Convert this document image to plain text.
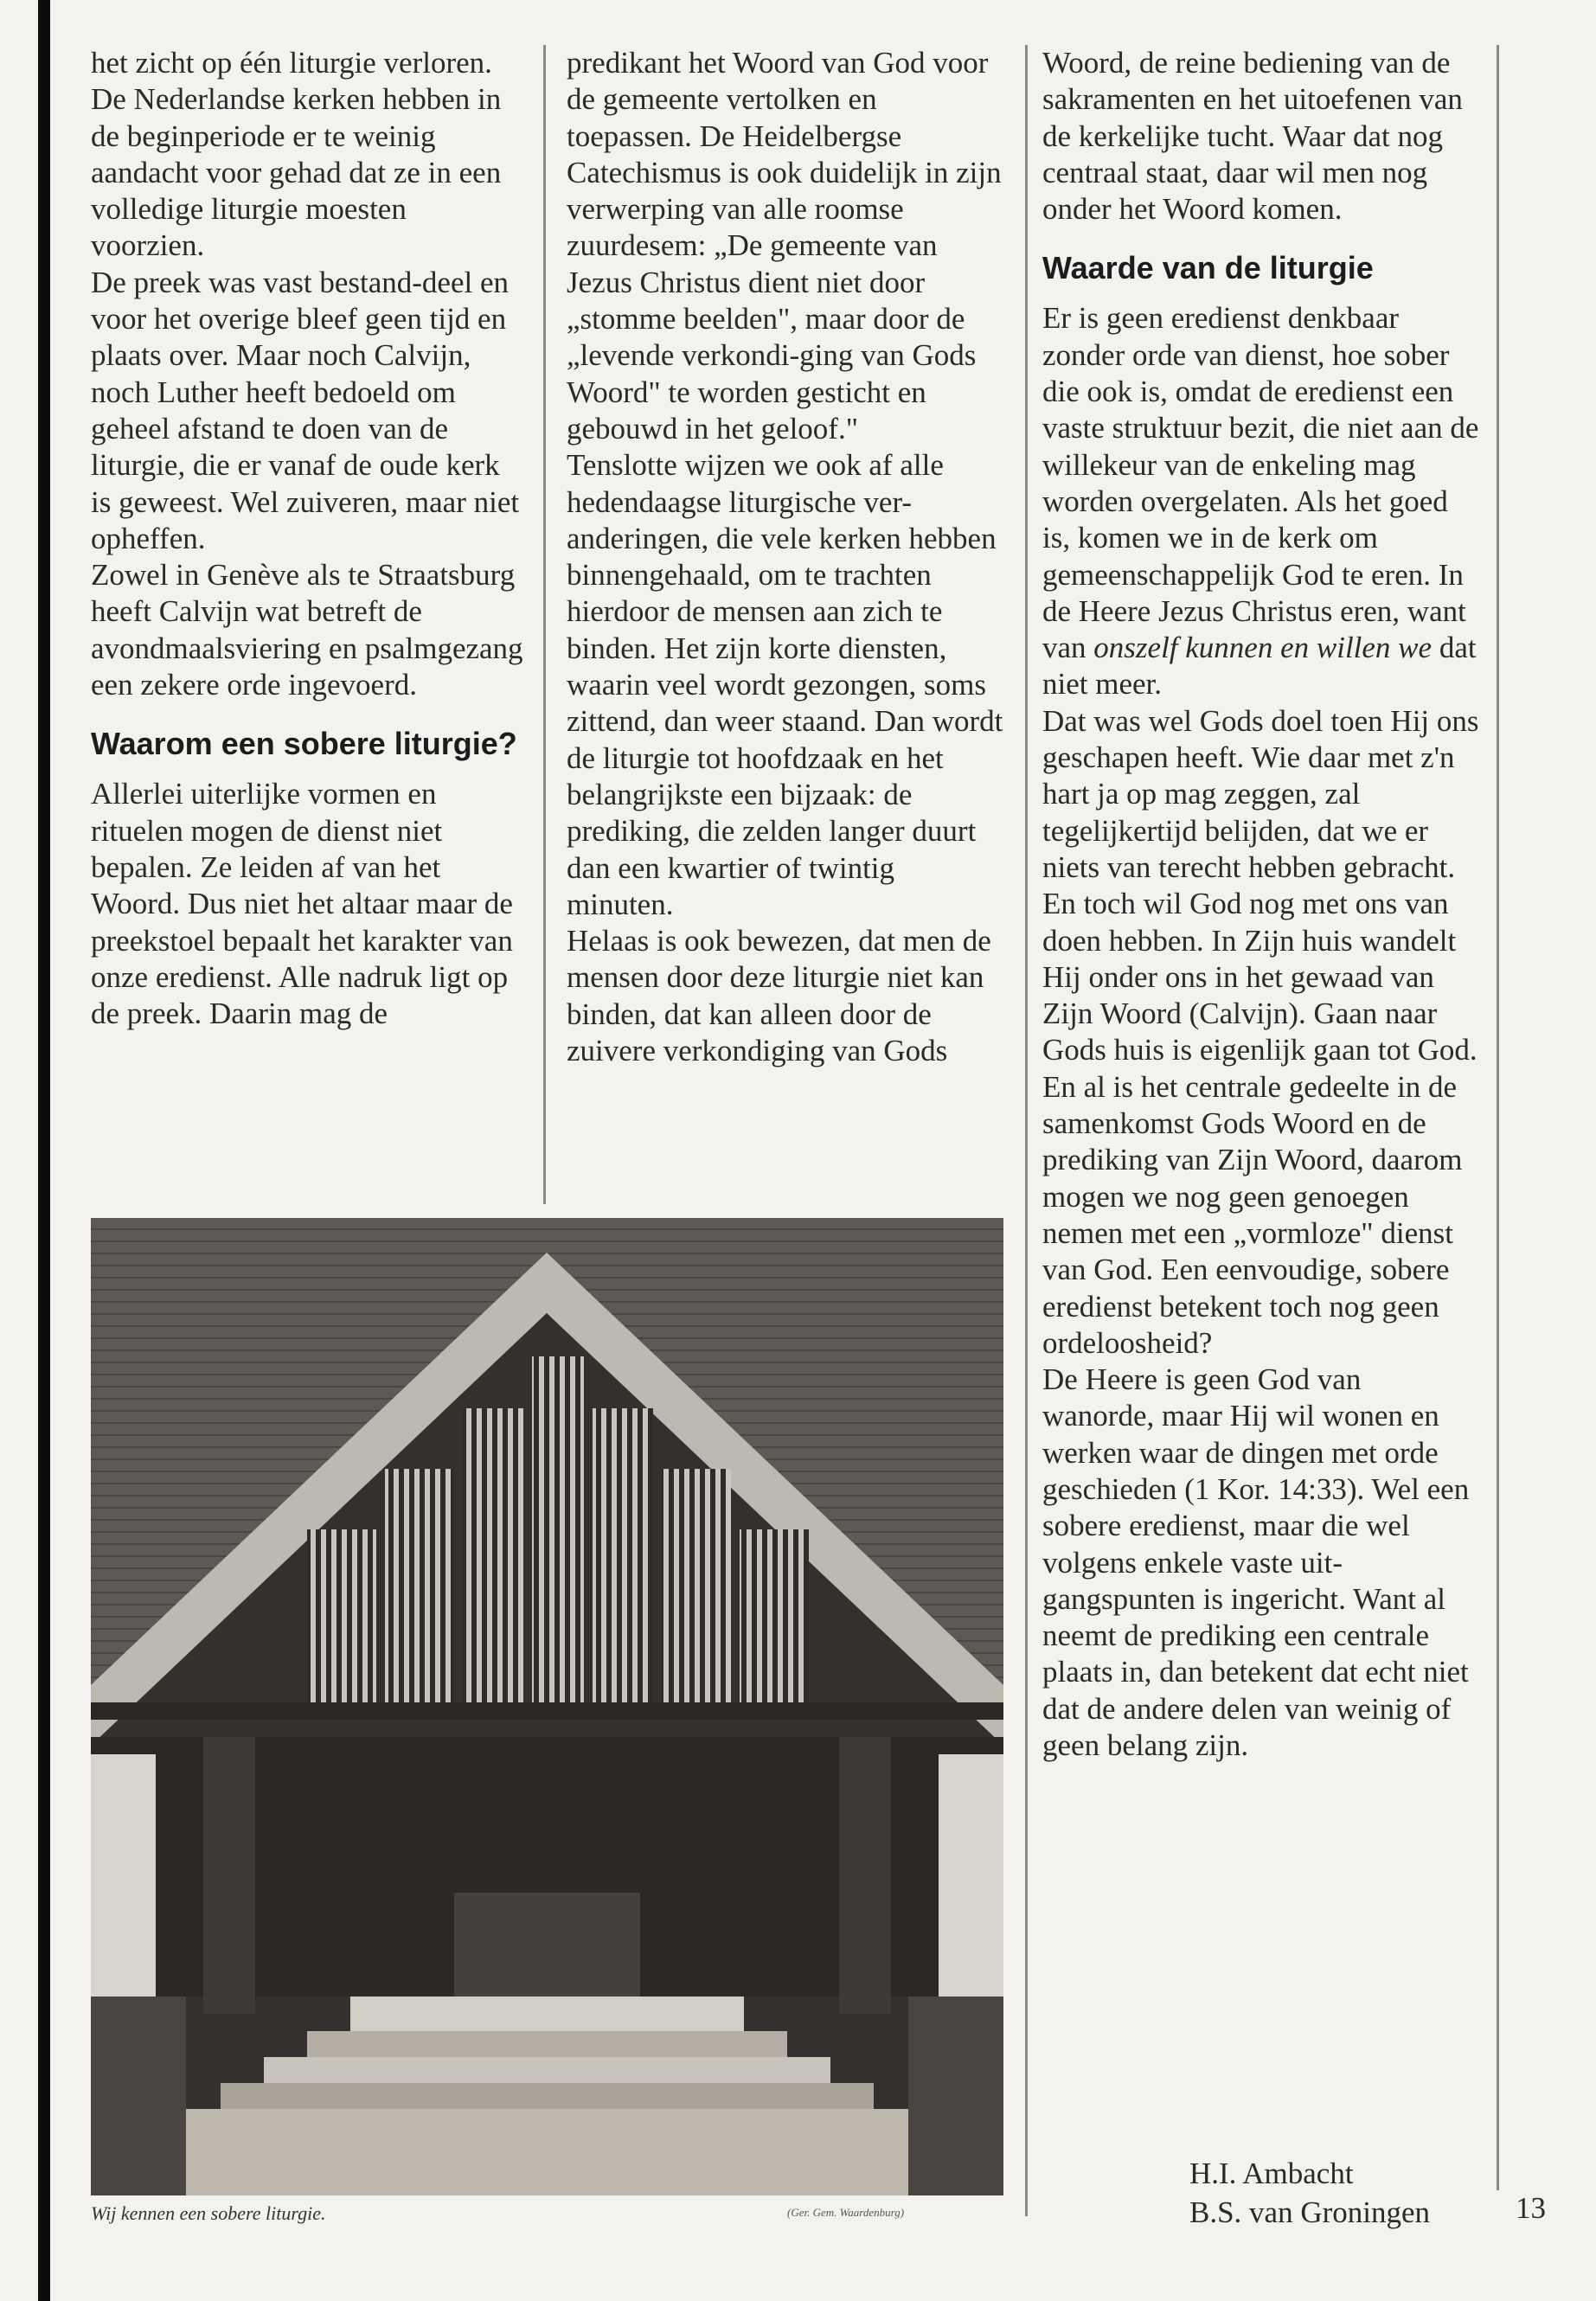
het zicht op één liturgie verloren. De Nederlandse kerken hebben in de beginperiode er te weinig aandacht voor gehad dat ze in een volledige liturgie moesten voorzien.

De preek was vast bestand-deel en voor het overige bleef geen tijd en plaats over. Maar noch Calvijn, noch Luther heeft bedoeld om geheel afstand te doen van de liturgie, die er vanaf de oude kerk is geweest. Wel zuiveren, maar niet opheffen.

Zowel in Genève als te Straatsburg heeft Calvijn wat betreft de avondmaalsviering en psalmgezang een zekere orde ingevoerd.

Waarom een sobere liturgie?

Allerlei uiterlijke vormen en rituelen mogen de dienst niet bepalen. Ze leiden af van het Woord. Dus niet het altaar maar de preekstoel bepaalt het karakter van onze eredienst. Alle nadruk ligt op de preek. Daarin mag de

predikant het Woord van God voor de gemeente vertolken en toepassen. De Heidelbergse Catechismus is ook duidelijk in zijn verwerping van alle roomse zuurdesem: „De gemeente van Jezus Christus dient niet door „stomme beelden", maar door de „levende verkondi-ging van Gods Woord" te worden gesticht en gebouwd in het geloof."

Tenslotte wijzen we ook af alle hedendaagse liturgische ver-anderingen, die vele kerken hebben binnengehaald, om te trachten hierdoor de mensen aan zich te binden. Het zijn korte diensten, waarin veel wordt gezongen, soms zittend, dan weer staand. Dan wordt de liturgie tot hoofdzaak en het belangrijkste een bijzaak: de prediking, die zelden langer duurt dan een kwartier of twintig minuten.

Helaas is ook bewezen, dat men de mensen door deze liturgie niet kan binden, dat kan alleen door de zuivere verkondiging van Gods

Woord, de reine bediening van de sakramenten en het uitoefenen van de kerkelijke tucht. Waar dat nog centraal staat, daar wil men nog onder het Woord komen.

Waarde van de liturgie

Er is geen eredienst denkbaar zonder orde van dienst, hoe sober die ook is, omdat de eredienst een vaste struktuur bezit, die niet aan de willekeur van de enkeling mag worden overgelaten. Als het goed is, komen we in de kerk om gemeenschappelijk God te eren. In de Heere Jezus Christus eren, want van onszelf kunnen en willen we dat niet meer.

Dat was wel Gods doel toen Hij ons geschapen heeft. Wie daar met z'n hart ja op mag zeggen, zal tegelijkertijd belijden, dat we er niets van terecht hebben gebracht.

En toch wil God nog met ons van doen hebben. In Zijn huis wandelt Hij onder ons in het gewaad van Zijn Woord (Calvijn). Gaan naar Gods huis is eigenlijk gaan tot God. En al is het centrale gedeelte in de samenkomst Gods Woord en de prediking van Zijn Woord, daarom mogen we nog geen genoegen nemen met een „vormloze" dienst van God. Een eenvoudige, sobere eredienst betekent toch nog geen ordeloosheid?

De Heere is geen God van wanorde, maar Hij wil wonen en werken waar de dingen met orde geschieden (1 Kor. 14:33). Wel een sobere eredienst, maar die wel volgens enkele vaste uit-gangspunten is ingericht. Want al neemt de prediking een centrale plaats in, dan betekent dat echt niet dat de andere delen van weinig of geen belang zijn.

Wij kennen een sobere liturgie.	(Ger. Gem. Waardenburg)
H.I. Ambacht
B.S. van Groningen	13
